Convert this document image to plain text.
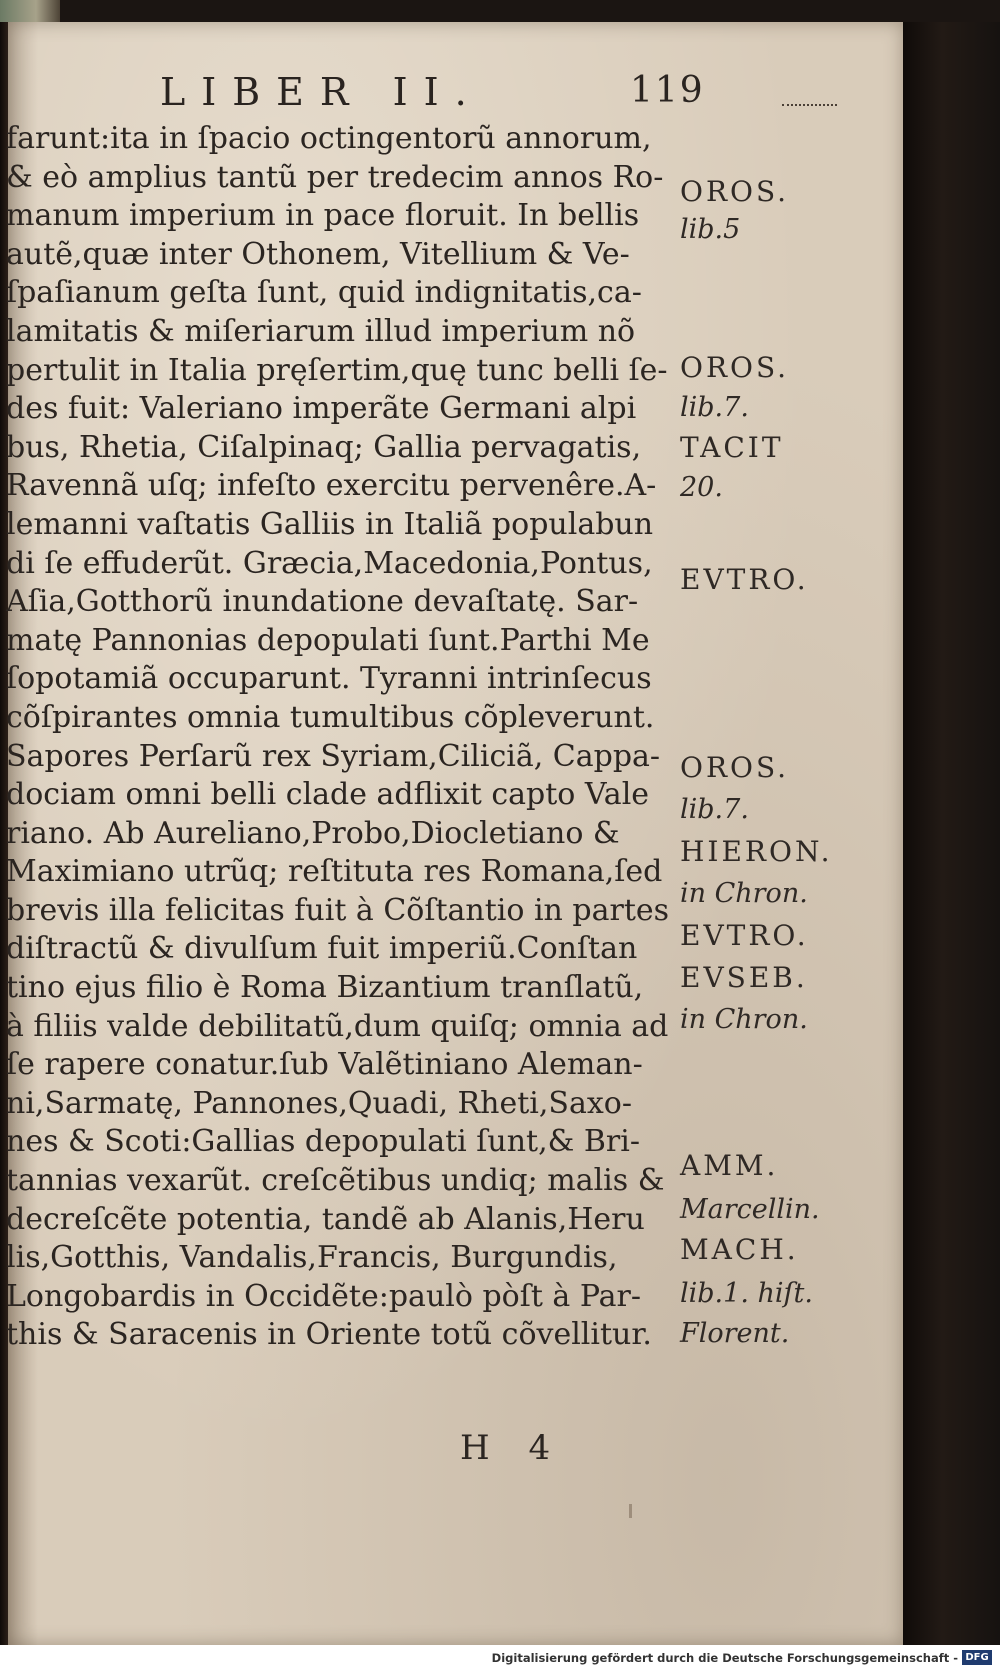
LIBER II.	119
farunt:ita in ſpacio octingentorũ annorum,
& eò amplius tantũ per tredecim annos Ro-
manum imperium in pace floruit. In bellis
autẽ,quæ inter Othonem, Vitellium & Ve-
ſpaſianum geſta ſunt, quid indignitatis,ca-
lamitatis & miſeriarum illud imperium nõ
pertulit in Italia pręſertim,quę tunc belli ſe-
des fuit: Valeriano imperãte Germani alpi
bus, Rhetia, Ciſalpinaq; Gallia pervagatis,
Ravennã uſq; infeſto exercitu pervenêre.A-
lemanni vaſtatis Galliis in Italiã populabun
di ſe effuderũt. Græcia,Macedonia,Pontus,
Aſia,Gotthorũ inundatione devaſtatę. Sar-
matę Pannonias depopulati ſunt.Parthi Me
ſopotamiã occuparunt. Tyranni intrinſecus
cõſpirantes omnia tumultibus cõpleverunt.
Sapores Perſarũ rex Syriam,Ciliciã, Cappa-
dociam omni belli clade adflixit capto Vale
riano. Ab Aureliano,Probo,Diocletiano &
Maximiano utrũq; reſtituta res Romana,ſed
brevis illa felicitas fuit à Cõſtantio in partes
diſtractũ & divulſum fuit imperiũ.Conſtan
tino ejus filio è Roma Bizantium tranſlatũ,
à filiis valde debilitatũ,dum quiſq; omnia ad
ſe rapere conatur.ſub Valẽtiniano Aleman-
ni,Sarmatę, Pannones,Quadi, Rheti,Saxo-
nes & Scoti:Gallias depopulati ſunt,& Bri-
tannias vexarũt. creſcẽtibus undiq; malis &
decreſcẽte potentia, tandẽ ab Alanis,Heru
lis,Gotthis, Vandalis,Francis, Burgundis,
Longobardis in Occidẽte:paulò pòſt à Par-
this & Saracenis in Oriente totũ cõvellitur.
OROS.
lib.5
OROS.
lib.7.
TACIT
20.
EVTRO.
OROS.
lib.7.
HIERON.
in Chron.
EVTRO.
EVSEB.
in Chron.
AMM.
Marcellin.
MACH.
lib.1. hiſt.
Florent.
H 4
Digitalisierung gefördert durch die Deutsche Forschungsgemeinschaft - DFG
